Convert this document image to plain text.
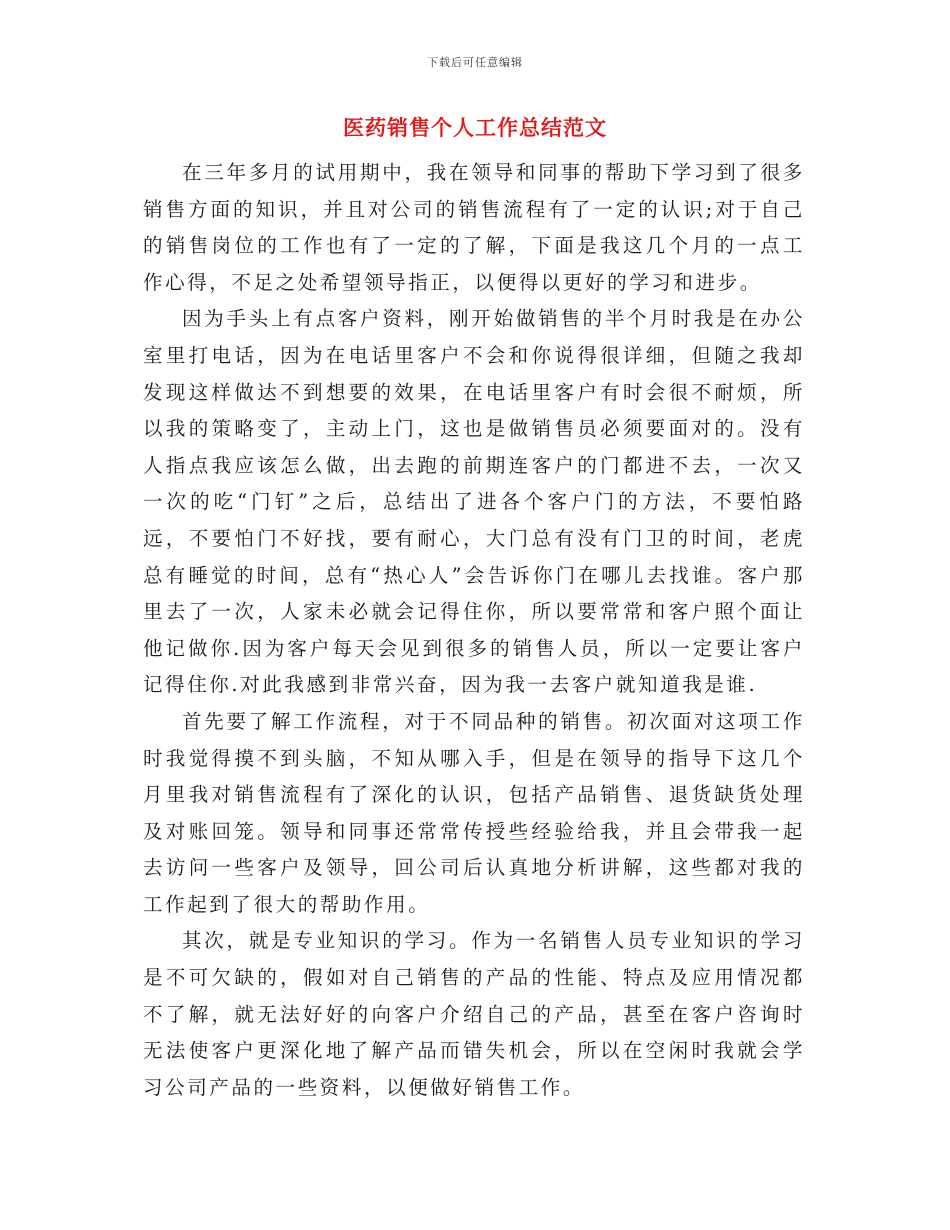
下载后可任意编辑
医药销售个人工作总结范文

在三年多月的试用期中，我在领导和同事的帮助下学习到了很多销售方面的知识，并且对公司的销售流程有了一定的认识;对于自己的销售岗位的工作也有了一定的了解，下面是我这几个月的一点工作心得，不足之处希望领导指正，以便得以更好的学习和进步。

因为手头上有点客户资料，刚开始做销售的半个月时我是在办公室里打电话，因为在电话里客户不会和你说得很详细，但随之我却发现这样做达不到想要的效果，在电话里客户有时会很不耐烦，所以我的策略变了，主动上门，这也是做销售员必须要面对的。没有人指点我应该怎么做，出去跑的前期连客户的门都进不去，一次又一次的吃“门钉”之后，总结出了进各个客户门的方法，不要怕路远，不要怕门不好找，要有耐心，大门总有没有门卫的时间，老虎总有睡觉的时间，总有“热心人”会告诉你门在哪儿去找谁。客户那里去了一次，人家未必就会记得住你，所以要常常和客户照个面让他记做你.因为客户每天会见到很多的销售人员，所以一定要让客户记得住你.对此我感到非常兴奋，因为我一去客户就知道我是谁.

首先要了解工作流程，对于不同品种的销售。初次面对这项工作时我觉得摸不到头脑，不知从哪入手，但是在领导的指导下这几个月里我对销售流程有了深化的认识，包括产品销售、退货缺货处理及对账回笼。领导和同事还常常传授些经验给我，并且会带我一起去访问一些客户及领导，回公司后认真地分析讲解，这些都对我的工作起到了很大的帮助作用。

其次，就是专业知识的学习。作为一名销售人员专业知识的学习是不可欠缺的，假如对自己销售的产品的性能、特点及应用情况都不了解，就无法好好的向客户介绍自己的产品，甚至在客户咨询时无法使客户更深化地了解产品而错失机会，所以在空闲时我就会学习公司产品的一些资料，以便做好销售工作。
